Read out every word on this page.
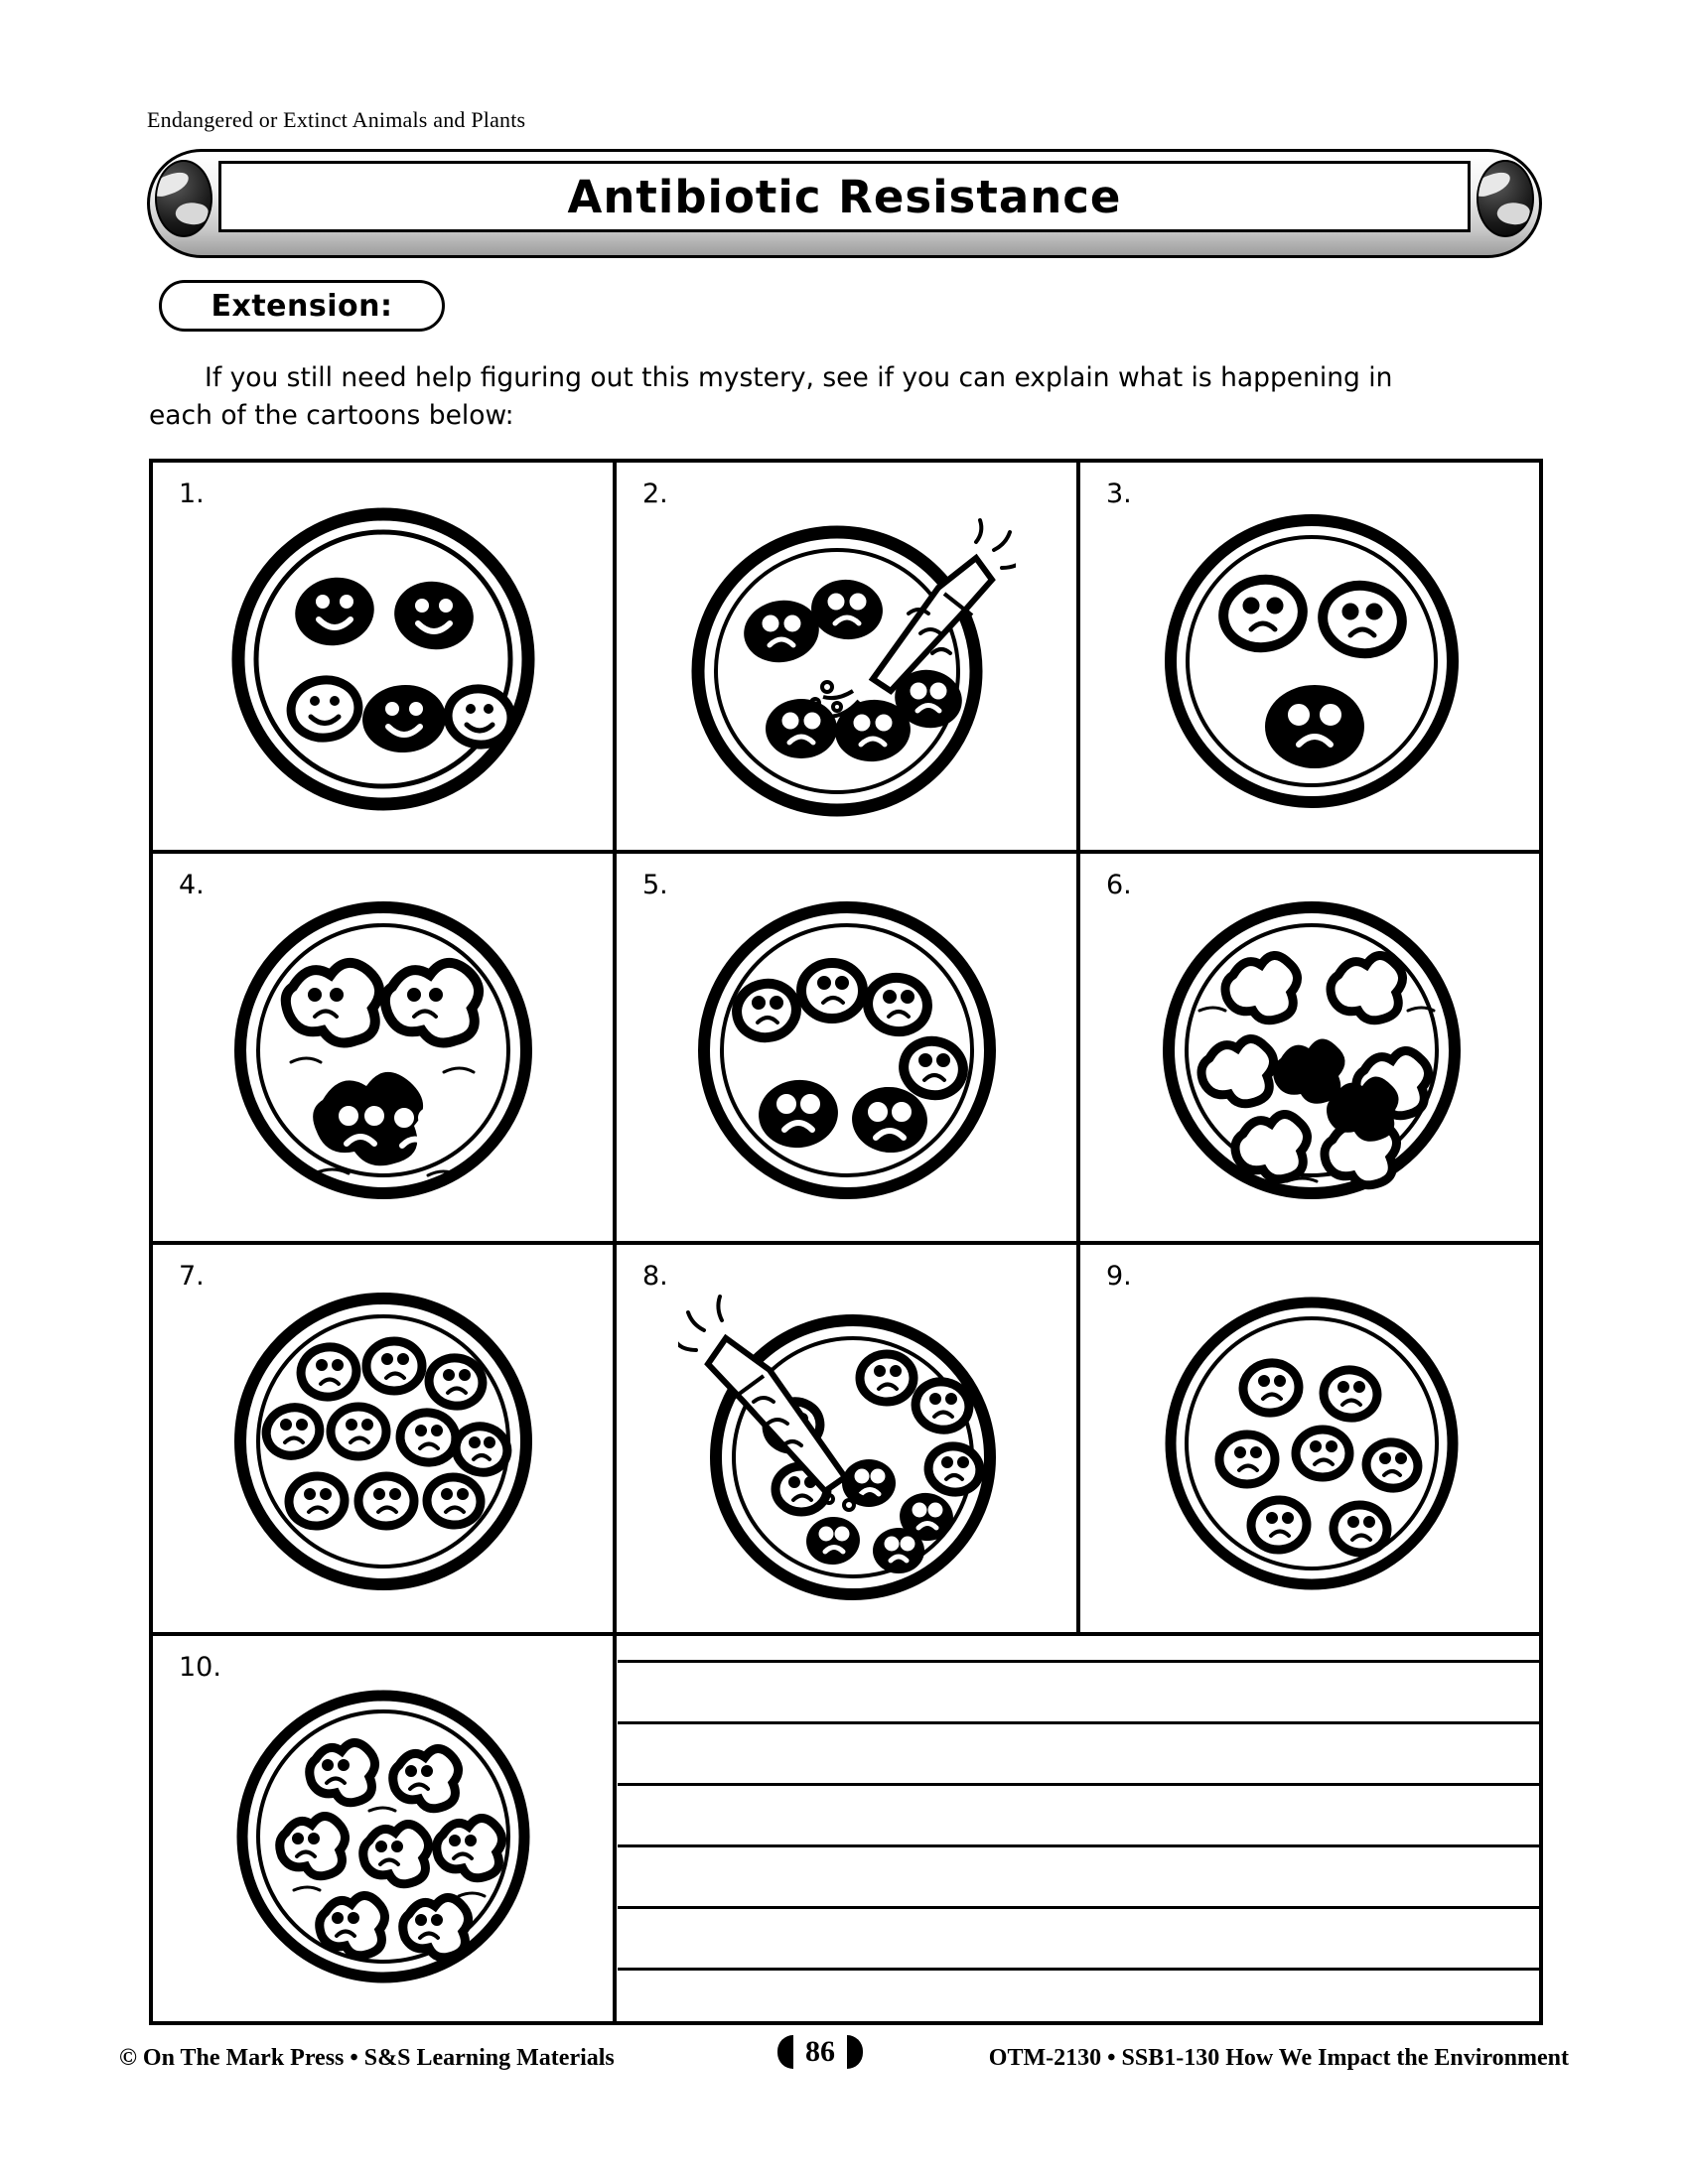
Endangered or Extinct Animals and Plants
Antibiotic Resistance
Extension:
If you still need help figuring out this mystery, see if you can explain what is happening in
each of the cartoons below:
1.	2.	3.
4.	5.	6.
7.	8.	9.
10.
© On The Mark Press • S&S Learning Materials	86	OTM-2130 • SSB1-130 How We Impact the Environment
